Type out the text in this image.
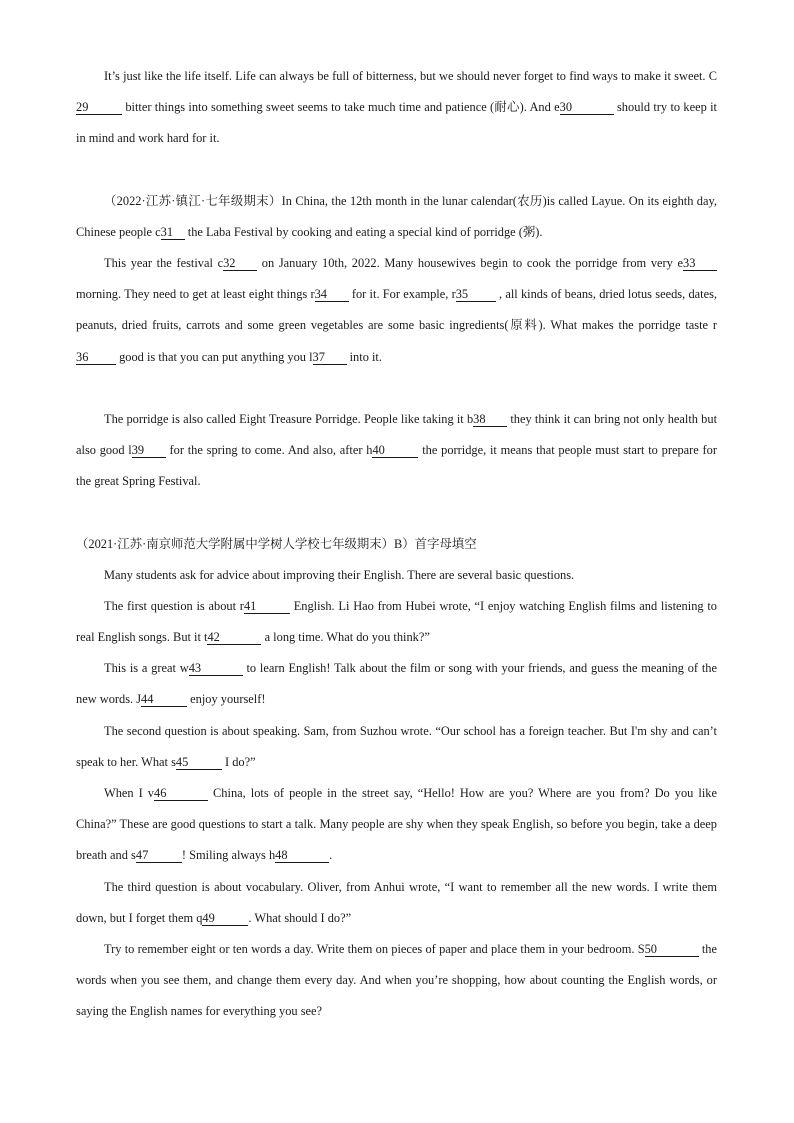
It’s just like the life itself. Life can always be full of bitterness, but we should never forget to find ways to make it sweet. C29	bitter things into something sweet seems to take much time and patience (耐心). And e30	should try to keep it in mind and work hard for it.

（2022·江苏·镇江·七年级期末）In China, the 12th month in the lunar calendar(农历)is called Layue. On its eighth day, Chinese people c31 the Laba Festival by cooking and eating a special kind of porridge (粥).

This year the festival c32 on January 10th, 2022. Many housewives begin to cook the porridge from very e33 morning. They need to get at least eight things r34 for it. For example, r35 , all kinds of beans, dried lotus seeds, dates, peanuts, dried fruits, carrots and some green vegetables are some basic ingredients(原料). What makes the porridge taste r36 good is that you can put anything you l37 into it.

The porridge is also called Eight Treasure Porridge. People like taking it b38 they think it can bring not only health but also good l39 for the spring to come. And also, after h40	the porridge, it means that people must start to prepare for the great Spring Festival.

（2021·江苏·南京师范大学附属中学树人学校七年级期末）B）首字母填空

Many students ask for advice about improving their English. There are several basic questions.

The first question is about r41	English. Li Hao from Hubei wrote, “I enjoy watching English films and listening to real English songs. But it t42	a long time. What do you think?”

This is a great w43	to learn English! Talk about the film or song with your friends, and guess the meaning of the new words. J44	enjoy yourself!

The second question is about speaking. Sam, from Suzhou wrote. “Our school has a foreign teacher. But I'm shy and can’t speak to her. What s45	I do?”

When I v46	China, lots of people in the street say, “Hello! How are you? Where are you from? Do you like China?” These are good questions to start a talk. Many people are shy when they speak English, so before you begin, take a deep breath and s47	! Smiling always h48	.

The third question is about vocabulary. Oliver, from Anhui wrote, “I want to remember all the new words. I write them down, but I forget them q49	. What should I do?”

Try to remember eight or ten words a day. Write them on pieces of paper and place them in your bedroom. S50	the words when you see them, and change them every day. And when you’re shopping, how about counting the English words, or saying the English names for everything you see?
